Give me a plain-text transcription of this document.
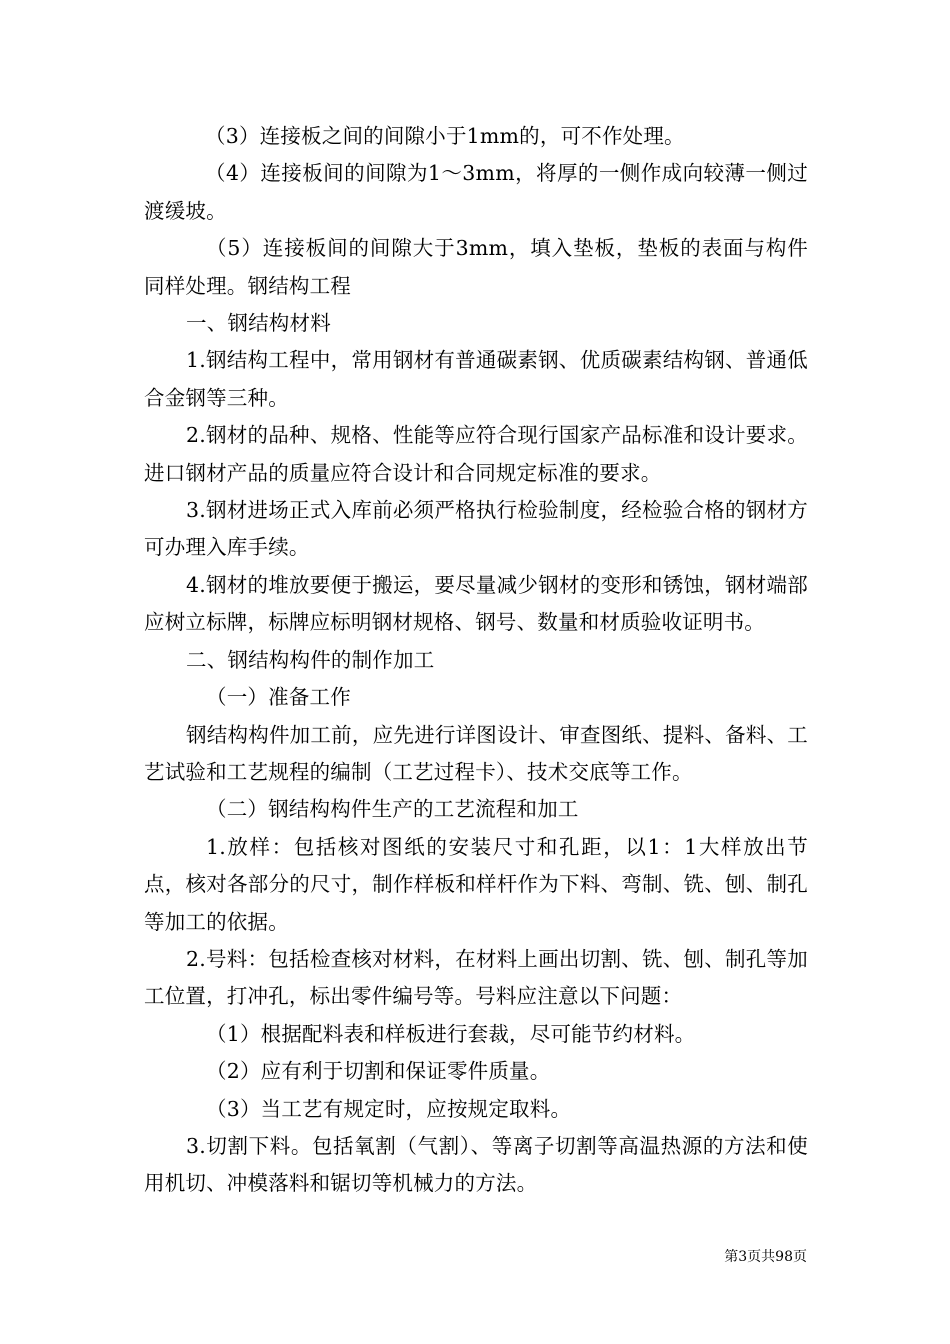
（3）连接板之间的间隙小于1mm的，可不作处理。

（4）连接板间的间隙为1～3mm，将厚的一侧作成向较薄一侧过渡缓坡。

（5）连接板间的间隙大于3mm，填入垫板，垫板的表面与构件同样处理。钢结构工程

一、钢结构材料

1.钢结构工程中，常用钢材有普通碳素钢、优质碳素结构钢、普通低合金钢等三种。

2.钢材的品种、规格、性能等应符合现行国家产品标准和设计要求。进口钢材产品的质量应符合设计和合同规定标准的要求。

3.钢材进场正式入库前必须严格执行检验制度，经检验合格的钢材方可办理入库手续。

4.钢材的堆放要便于搬运，要尽量减少钢材的变形和锈蚀，钢材端部应树立标牌，标牌应标明钢材规格、钢号、数量和材质验收证明书。

二、钢结构构件的制作加工

（一）准备工作

钢结构构件加工前，应先进行详图设计、审查图纸、提料、备料、工艺试验和工艺规程的编制（工艺过程卡）、技术交底等工作。

（二）钢结构构件生产的工艺流程和加工

1.放样：包括核对图纸的安装尺寸和孔距，以1：1大样放出节点，核对各部分的尺寸，制作样板和样杆作为下料、弯制、铣、刨、制孔等加工的依据。

2.号料：包括检查核对材料，在材料上画出切割、铣、刨、制孔等加工位置，打冲孔，标出零件编号等。号料应注意以下问题：

（1）根据配料表和样板进行套裁，尽可能节约材料。

（2）应有利于切割和保证零件质量。

（3）当工艺有规定时，应按规定取料。

3.切割下料。包括氧割（气割）、等离子切割等高温热源的方法和使用机切、冲模落料和锯切等机械力的方法。

第3页共98页
